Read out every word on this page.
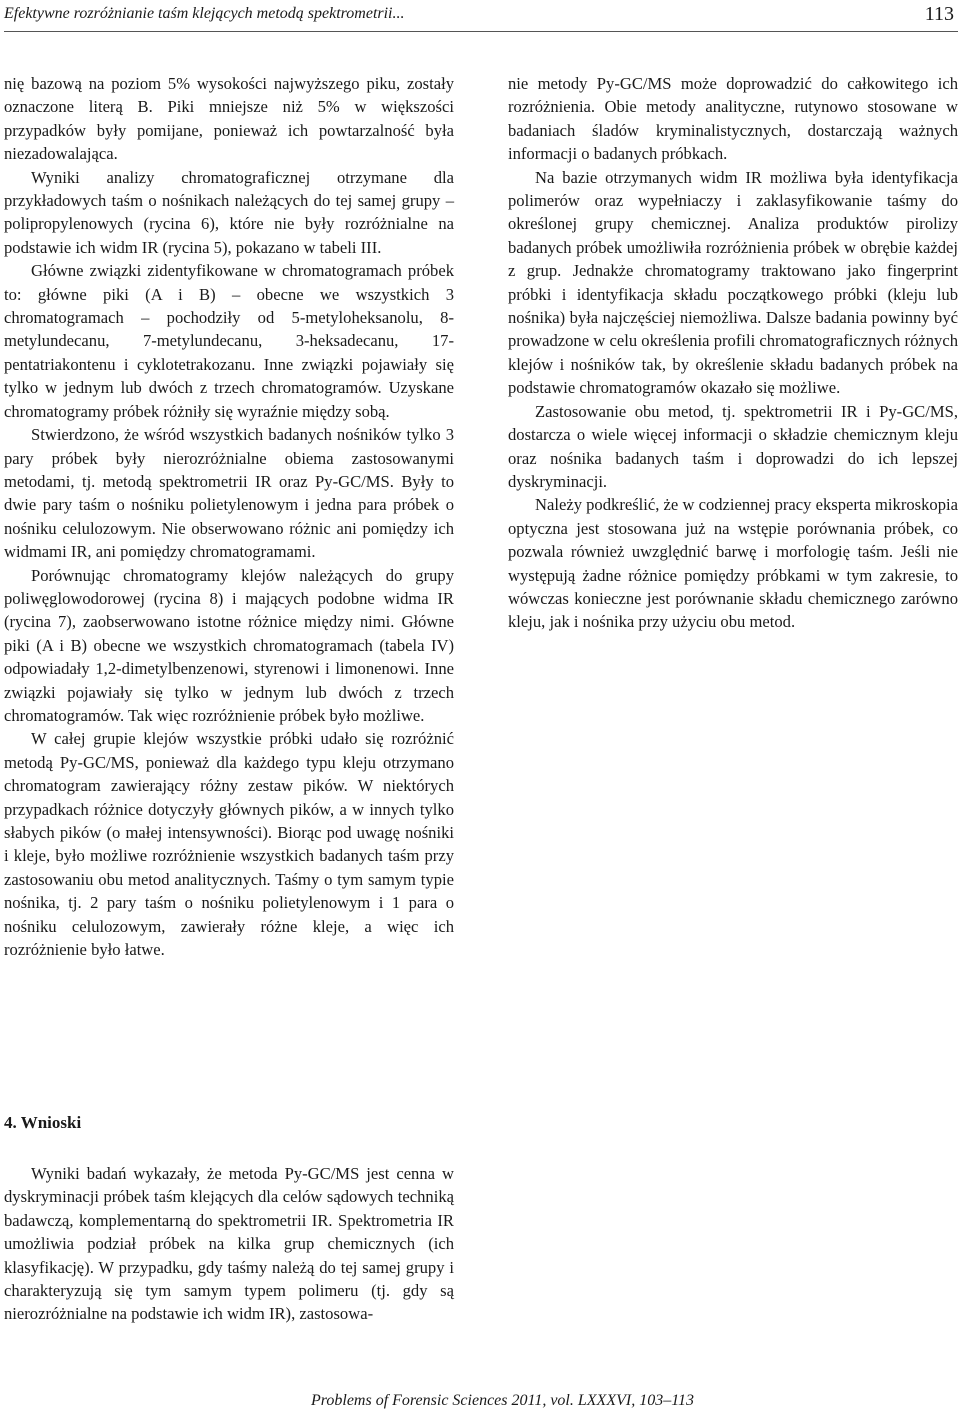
Efektywne rozróżnianie taśm klejących metodą spektrometrii...	113

nię bazową na poziom 5% wysokości najwyższego piku, zostały oznaczone literą B. Piki mniejsze niż 5% w większości przypadków były pomijane, ponieważ ich powtarzalność była niezadowalająca.

Wyniki analizy chromatograficznej otrzymane dla przykładowych taśm o nośnikach należących do tej samej grupy – polipropylenowych (rycina 6), które nie były rozróżnialne na podstawie ich widm IR (rycina 5), pokazano w tabeli III.

Główne związki zidentyfikowane w chromatogramach próbek to: główne piki (A i B) – obecne we wszystkich 3 chromatogramach – pochodziły od 5-metyloheksanolu, 8-metylundecanu, 7-metylundecanu, 3-heksadecanu, 17-pentatriakontenu i cyklotetrakozanu. Inne związki pojawiały się tylko w jednym lub dwóch z trzech chromatogramów. Uzyskane chromatogramy próbek różniły się wyraźnie między sobą.

Stwierdzono, że wśród wszystkich badanych nośników tylko 3 pary próbek były nierozróżnialne obiema zastosowanymi metodami, tj. metodą spektrometrii IR oraz Py-GC/MS. Były to dwie pary taśm o nośniku polietylenowym i jedna para próbek o nośniku celulozowym. Nie obserwowano różnic ani pomiędzy ich widmami IR, ani pomiędzy chromatogramami.

Porównując chromatogramy klejów należących do grupy poliwęglowodorowej (rycina 8) i mających podobne widma IR (rycina 7), zaobserwowano istotne różnice między nimi. Główne piki (A i B) obecne we wszystkich chromatogramach (tabela IV) odpowiadały 1,2-dimetylbenzenowi, styrenowi i limonenowi. Inne związki pojawiały się tylko w jednym lub dwóch z trzech chromatogramów. Tak więc rozróżnienie próbek było możliwe.

W całej grupie klejów wszystkie próbki udało się rozróżnić metodą Py-GC/MS, ponieważ dla każdego typu kleju otrzymano chromatogram zawierający różny zestaw pików. W niektórych przypadkach różnice dotyczyły głównych pików, a w innych tylko słabych pików (o małej intensywności). Biorąc pod uwagę nośniki i kleje, było możliwe rozróżnienie wszystkich badanych taśm przy zastosowaniu obu metod analitycznych. Taśmy o tym samym typie nośnika, tj. 2 pary taśm o nośniku polietylenowym i 1 para o nośniku celulozowym, zawierały różne kleje, a więc ich rozróżnienie było łatwe.

nie metody Py-GC/MS może doprowadzić do całkowitego ich rozróżnienia. Obie metody analityczne, rutynowo stosowane w badaniach śladów kryminalistycznych, dostarczają ważnych informacji o badanych próbkach.

Na bazie otrzymanych widm IR możliwa była identyfikacja polimerów oraz wypełniaczy i zaklasyfikowanie taśmy do określonej grupy chemicznej. Analiza produktów pirolizy badanych próbek umożliwiła rozróżnienia próbek w obrębie każdej z grup. Jednakże chromatogramy traktowano jako fingerprint próbki i identyfikacja składu początkowego próbki (kleju lub nośnika) była najczęściej niemożliwa. Dalsze badania powinny być prowadzone w celu określenia profili chromatograficznych różnych klejów i nośników tak, by określenie składu badanych próbek na podstawie chromatogramów okazało się możliwe.

Zastosowanie obu metod, tj. spektrometrii IR i Py-GC/MS, dostarcza o wiele więcej informacji o składzie chemicznym kleju oraz nośnika badanych taśm i doprowadzi do ich lepszej dyskryminacji.

Należy podkreślić, że w codziennej pracy eksperta mikroskopia optyczna jest stosowana już na wstępie porównania próbek, co pozwala również uwzględnić barwę i morfologię taśm. Jeśli nie występują żadne różnice pomiędzy próbkami w tym zakresie, to wówczas konieczne jest porównanie składu chemicznego zarówno kleju, jak i nośnika przy użyciu obu metod.

4. Wnioski

Wyniki badań wykazały, że metoda Py-GC/MS jest cenna w dyskryminacji próbek taśm klejących dla celów sądowych techniką badawczą, komplementarną do spektrometrii IR. Spektrometria IR umożliwia podział próbek na kilka grup chemicznych (ich klasyfikację). W przypadku, gdy taśmy należą do tej samej grupy i charakteryzują się tym samym typem polimeru (tj. gdy są nierozróżnialne na podstawie ich widm IR), zastosowa-

Problems of Forensic Sciences 2011, vol. LXXXVI, 103–113
